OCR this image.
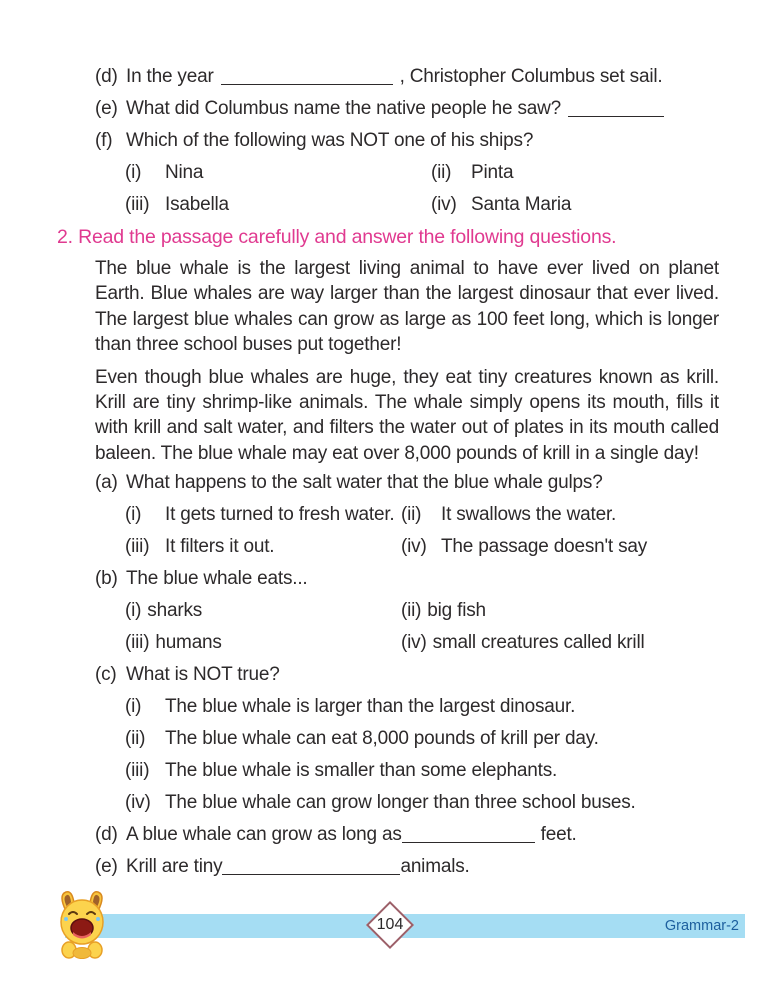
(d) In the year	, Christopher Columbus set sail.
(e) What did Columbus name the native people he saw?
(f) Which of the following was NOT one of his ships?
(i) Nina	(ii) Pinta
(iii) Isabella	(iv) Santa Maria
2. Read the passage carefully and answer the following questions.

The blue whale is the largest living animal to have ever lived on planet Earth. Blue whales are way larger than the largest dinosaur that ever lived. The largest blue whales can grow as large as 100 feet long, which is longer than three school buses put together!

Even though blue whales are huge, they eat tiny creatures known as krill. Krill are tiny shrimp-like animals. The whale simply opens its mouth, fills it with krill and salt water, and filters the water out of plates in its mouth called baleen. The blue whale may eat over 8,000 pounds of krill in a single day!

(a) What happens to the salt water that the blue whale gulps?
(i) It gets turned to fresh water. (ii) It swallows the water.
(iii) It filters it out.	(iv) The passage doesn't say
(b) The blue whale eats...
(i) sharks	(ii) big fish
(iii) humans	(iv) small creatures called krill
(c) What is NOT true?
(i) The blue whale is larger than the largest dinosaur.
(ii) The blue whale can eat 8,000 pounds of krill per day.
(iii) The blue whale is smaller than some elephants.
(iv) The blue whale can grow longer than three school buses.
(d) A blue whale can grow as long as	feet.
(e) Krill are tiny	animals.
104	Grammar-2
